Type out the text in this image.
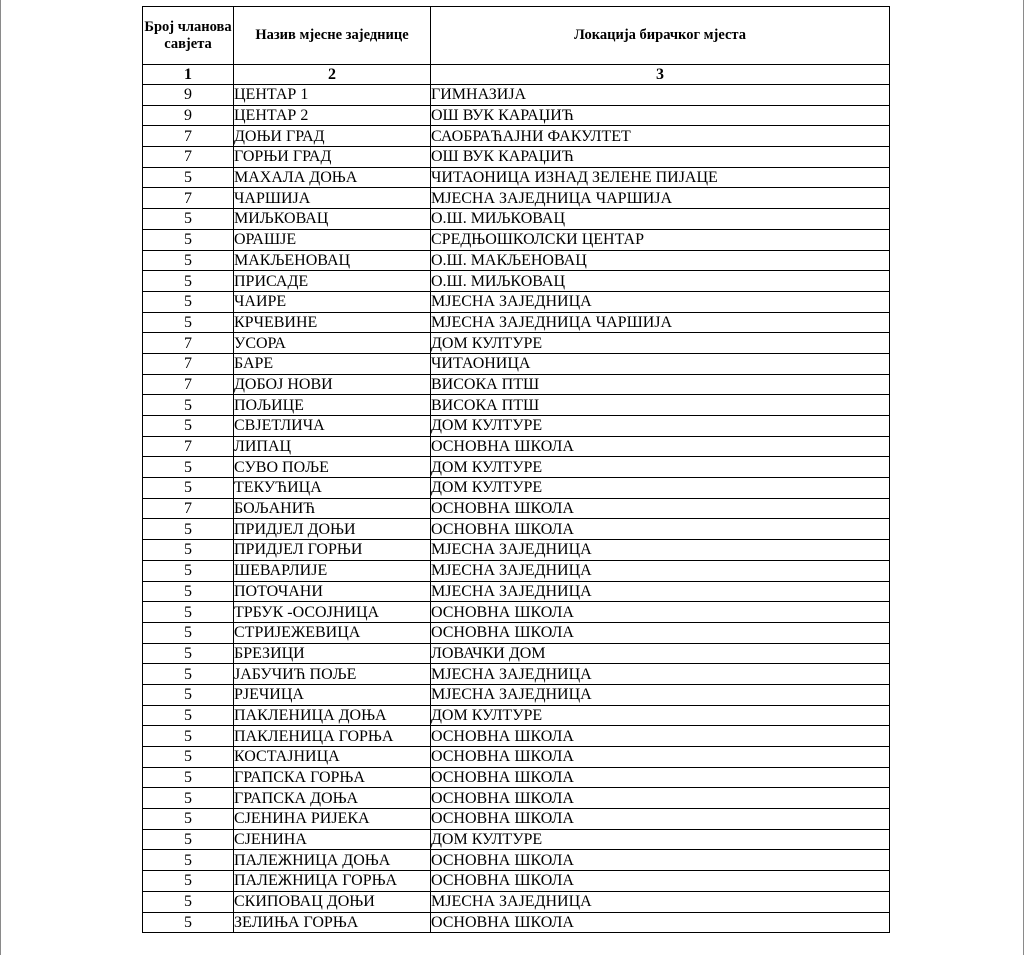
Број чланова савјета	Назив мјесне заједнице	Локација бирачког мјеста
1	2	3
9	ЦЕНТАР 1	ГИМНАЗИЈА
9	ЦЕНТАР 2	ОШ ВУК КАРАЏИЋ
7	ДОЊИ ГРАД	САОБРАЋАЈНИ ФАКУЛТЕТ
7	ГОРЊИ ГРАД	ОШ ВУК КАРАЏИЋ
5	МАХАЛА ДОЊА	ЧИТАОНИЦА ИЗНАД ЗЕЛЕНЕ ПИЈАЦЕ
7	ЧАРШИЈА	МЈЕСНА ЗАЈЕДНИЦА ЧАРШИЈА
5	МИЉКОВАЦ	О.Ш. МИЉКОВАЦ
5	ОРАШЈЕ	СРЕДЊОШКОЛСКИ ЦЕНТАР
5	МАКЉЕНОВАЦ	О.Ш. МАКЉЕНОВАЦ
5	ПРИСАДЕ	О.Ш. МИЉКОВАЦ
5	ЧАИРЕ	МЈЕСНА ЗАЈЕДНИЦА
5	КРЧЕВИНЕ	МЈЕСНА ЗАЈЕДНИЦА ЧАРШИЈА
7	УСОРА	ДОМ КУЛТУРЕ
7	БАРЕ	ЧИТАОНИЦА
7	ДОБОЈ НОВИ	ВИСОКА ПТШ
5	ПОЉИЦЕ	ВИСОКА ПТШ
5	СВЈЕТЛИЧА	ДОМ КУЛТУРЕ
7	ЛИПАЦ	ОСНОВНА ШКОЛА
5	СУВО ПОЉЕ	ДОМ КУЛТУРЕ
5	ТЕКУЋИЦА	ДОМ КУЛТУРЕ
7	БОЉАНИЋ	ОСНОВНА ШКОЛА
5	ПРИДЈЕЛ ДОЊИ	ОСНОВНА ШКОЛА
5	ПРИДЈЕЛ ГОРЊИ	МЈЕСНА ЗАЈЕДНИЦА
5	ШЕВАРЛИЈЕ	МЈЕСНА ЗАЈЕДНИЦА
5	ПОТОЧАНИ	МЈЕСНА ЗАЈЕДНИЦА
5	ТРБУК -ОСОЈНИЦА	ОСНОВНА ШКОЛА
5	СТРИЈЕЖЕВИЦА	ОСНОВНА ШКОЛА
5	БРЕЗИЦИ	ЛОВАЧКИ ДОМ
5	ЈАБУЧИЋ ПОЉЕ	МЈЕСНА ЗАЈЕДНИЦА
5	РЈЕЧИЦА	МЈЕСНА ЗАЈЕДНИЦА
5	ПАКЛЕНИЦА ДОЊА	ДОМ КУЛТУРЕ
5	ПАКЛЕНИЦА ГОРЊА	ОСНОВНА ШКОЛА
5	КОСТАЈНИЦА	ОСНОВНА ШКОЛА
5	ГРАПСКА ГОРЊА	ОСНОВНА ШКОЛА
5	ГРАПСКА ДОЊА	ОСНОВНА ШКОЛА
5	СЈЕНИНА РИЈЕКА	ОСНОВНА ШКОЛА
5	СЈЕНИНА	ДОМ КУЛТУРЕ
5	ПАЛЕЖНИЦА ДОЊА	ОСНОВНА ШКОЛА
5	ПАЛЕЖНИЦА ГОРЊА	ОСНОВНА ШКОЛА
5	СКИПОВАЦ ДОЊИ	МЈЕСНА ЗАЈЕДНИЦА
5	ЗЕЛИЊА ГОРЊА	ОСНОВНА ШКОЛА
